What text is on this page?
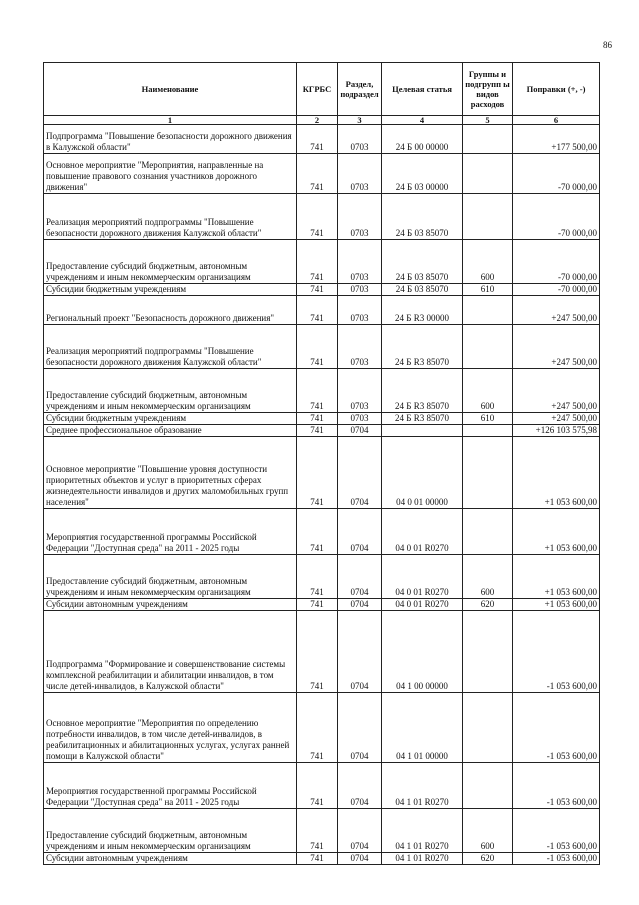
86
Наименование	КГРБС	Раздел, подраздел	Целевая статья	Группы и подгрупп ы видов расходов	Поправки (+, -)
1	2	3	4	5	6
Подпрограмма "Повышение безопасности дорожного движения в Калужской области"	741	0703	24 Б 00 00000		+177 500,00
Основное мероприятие "Мероприятия, направленные на повышение правового сознания участников дорожного движения"	741	0703	24 Б 03 00000		-70 000,00
Реализация мероприятий подпрограммы "Повышение безопасности дорожного движения Калужской области"	741	0703	24 Б 03 85070		-70 000,00
Предоставление субсидий бюджетным, автономным учреждениям и иным некоммерческим организациям	741	0703	24 Б 03 85070	600	-70 000,00
Субсидии бюджетным учреждениям	741	0703	24 Б 03 85070	610	-70 000,00
Региональный проект "Безопасность дорожного движения"	741	0703	24 Б R3 00000		+247 500,00
Реализация мероприятий подпрограммы "Повышение безопасности дорожного движения Калужской области"	741	0703	24 Б R3 85070		+247 500,00
Предоставление субсидий бюджетным, автономным учреждениям и иным некоммерческим организациям	741	0703	24 Б R3 85070	600	+247 500,00
Субсидии бюджетным учреждениям	741	0703	24 Б R3 85070	610	+247 500,00
Среднее профессиональное образование	741	0704			+126 103 575,98
Основное мероприятие "Повышение уровня доступности приоритетных объектов и услуг в приоритетных сферах жизнедеятельности инвалидов и других маломобильных групп населения"	741	0704	04 0 01 00000		+1 053 600,00
Мероприятия государственной программы Российской Федерации "Доступная среда" на 2011 - 2025 годы	741	0704	04 0 01 R0270		+1 053 600,00
Предоставление субсидий бюджетным, автономным учреждениям и иным некоммерческим организациям	741	0704	04 0 01 R0270	600	+1 053 600,00
Субсидии автономным учреждениям	741	0704	04 0 01 R0270	620	+1 053 600,00
Подпрограмма "Формирование и совершенствование системы комплексной реабилитации и абилитации инвалидов, в том числе детей-инвалидов, в Калужской области"	741	0704	04 1 00 00000		-1 053 600,00
Основное мероприятие "Мероприятия по определению потребности инвалидов, в том числе детей-инвалидов, в реабилитационных и абилитационных услугах, услугах ранней помощи в Калужской области"	741	0704	04 1 01 00000		-1 053 600,00
Мероприятия государственной программы Российской Федерации "Доступная среда" на 2011 - 2025 годы	741	0704	04 1 01 R0270		-1 053 600,00
Предоставление субсидий бюджетным, автономным учреждениям и иным некоммерческим организациям	741	0704	04 1 01 R0270	600	-1 053 600,00
Субсидии автономным учреждениям	741	0704	04 1 01 R0270	620	-1 053 600,00
